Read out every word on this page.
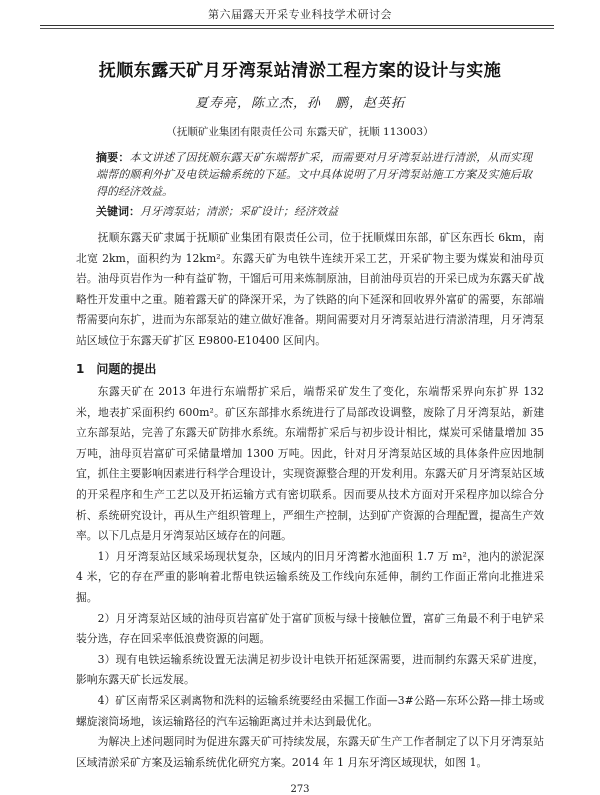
第六届露天开采专业科技学术研讨会
抚顺东露天矿月牙湾泵站清淤工程方案的设计与实施
夏寿亮，陈立杰，孙　鹏，赵英拓
（抚顺矿业集团有限责任公司 东露天矿，抚顺 113003）
摘要：本文讲述了因抚顺东露天矿东端帮扩采，而需要对月牙湾泵站进行清淤，从而实现端帮的顺利外扩及电铁运输系统的下延。文中具体说明了月牙湾泵站施工方案及实施后取得的经济效益。
关键词：月牙湾泵站；清淤；采矿设计；经济效益

抚顺东露天矿隶属于抚顺矿业集团有限责任公司，位于抚顺煤田东部，矿区东西长 6km，南北宽 2km，面积约为 12km²。东露天矿为电铁牛连续开采工艺，开采矿物主要为煤炭和油母页岩。油母页岩作为一种有益矿物，干馏后可用来炼制原油，目前油母页岩的开采已成为东露天矿战略性开发重中之重。随着露天矿的降深开采，为了铁路的向下延深和回收界外富矿的需要，东部端帮需要向东扩，进而为东部泵站的建立做好准备。期间需要对月牙湾泵站进行清淤清理，月牙湾泵站区域位于东露天矿扩区 E9800-E10400 区间内。

1　问题的提出

东露天矿在 2013 年进行东端帮扩采后，端帮采矿发生了变化，东端帮采界向东扩界 132 米，地表扩采面积约 600m²。矿区东部排水系统进行了局部改设调整，废除了月牙湾泵站，新建立东部泵站，完善了东露天矿防排水系统。东端帮扩采后与初步设计相比，煤炭可采储量增加 35 万吨，油母页岩富矿可采储量增加 1300 万吨。因此，针对月牙湾泵站区域的具体条件应因地制宜，抓住主要影响因素进行科学合理设计，实现资源整合理的开发利用。东露天矿月牙湾泵站区域的开采程序和生产工艺以及开拓运输方式有密切联系。因而要从技术方面对开采程序加以综合分析、系统研究设计，再从生产组织管理上，严细生产控制，达到矿产资源的合理配置，提高生产效率。以下几点是月牙湾泵站区域存在的问题。

1）月牙湾泵站区域采场现状复杂，区域内的旧月牙湾蓄水池面积 1.7 万 m²，池内的淤泥深 4 米，它的存在严重的影响着北帮电铁运输系统及工作线向东延伸，制约工作面正常向北推进采掘。

2）月牙湾泵站区域的油母页岩富矿处于富矿顶板与绿十接触位置，富矿三角最不利于电铲采装分选，存在回采率低浪费资源的问题。

3）现有电铁运输系统设置无法满足初步设计电铁开拓延深需要，进而制约东露天采矿进度，影响东露天矿长远发展。

4）矿区南帮采区剥离物和洗料的运输系统要经由采掘工作面—3#公路—东环公路—排土场或螺旋滚筒场地，该运输路径的汽车运输距离过并未达到最优化。

为解决上述问题同时为促进东露天矿可持续发展，东露天矿生产工作者制定了以下月牙湾泵站区域清淤采矿方案及运输系统优化研究方案。2014 年 1 月东牙湾区域现状，如图 1。

273
